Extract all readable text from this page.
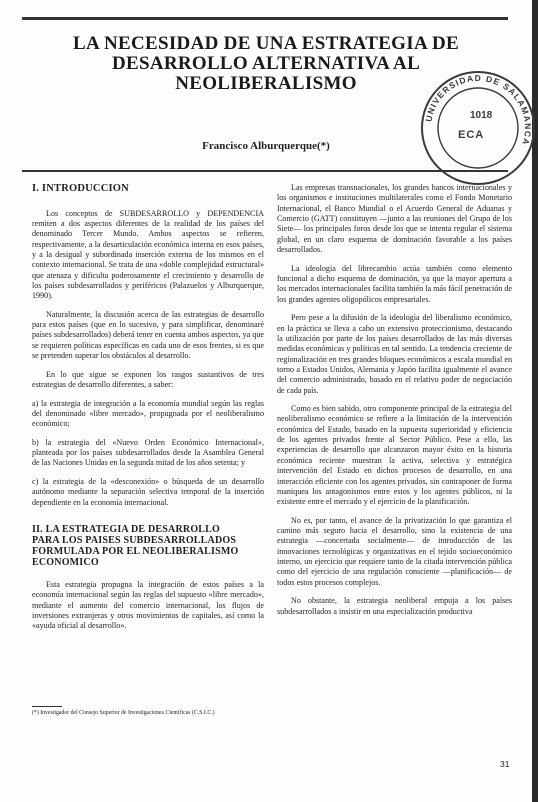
LA NECESIDAD DE UNA ESTRATEGIA DE
DESARROLLO ALTERNATIVA AL
NEOLIBERALISMO
Francisco Alburquerque(*)
UNIVERSIDAD DE SALAMANCA
1018
ECA
I. INTRODUCCION

Los conceptos de SUBDESARROLLO y DEPENDENCIA remiten a dos aspectos diferentes de la realidad de los países del denominado Tercer Mundo. Ambos aspectos se refieren, respectivamente, a la desarticulación económica interna en esos países, y a la desigual y subordinada inserción externa de los mismos en el contexto internacional. Se trata de una «doble complejidad estructural» que atenaza y dificulta poderosamente el crecimiento y desarrollo de los países subdesarrollados y periféricos (Palazuelos y Alburquerque, 1990).

Naturalmente, la discusión acerca de las estrategias de desarrollo para estos países (que en lo sucesivo, y para simplificar, denominaré países subdesarrollados) deberá tener en cuenta ambos aspectos, ya que se requieren políticas específicas en cada uno de esos frentes, si es que se pretenden superar los obstáculos al desarrollo.

En lo que sigue se exponen los rasgos sustantivos de tres estrategias de desarrollo diferentes, a saber:

a) la estrategia de integración a la economía mundial según las reglas del denominado «libre mercado», propugnada por el neoliberalismo económico;

b) la estrategia del «Nuevo Orden Económico Internacional», planteada por los países subdesarrollados desde la Asamblea General de las Naciones Unidas en la segunda mitad de los años setenta; y

c) la estrategia de la «desconexión» o búsqueda de un desarrollo autónomo mediante la separación selectiva temporal de la inserción dependiente en la economía internacional.

II. LA ESTRATEGIA DE DESARROLLO
PARA LOS PAISES SUBDESARROLLADOS
FORMULADA POR EL NEOLIBERALISMO
ECONOMICO

Esta estrategia propugna la integración de estos países a la economía internacional según las reglas del supuesto «libre mercado», mediante el aumento del comercio internacional, los flujos de inversiones extranjeras y otros movimientos de capitales, así como la «ayuda oficial al desarrollo».

Las empresas transnacionales, los grandes bancos internacionales y los organismos e instituciones multilaterales como el Fondo Monetario Internacional, el Banco Mundial o el Acuerdo General de Aduanas y Comercio (GATT) constituyen —junto a las reuniones del Grupo de los Siete— los principales foros desde los que se intenta regular el sistema global, en un claro esquema de dominación favorable a los países desarrollados.

La ideología del librecambio actúa también como elemento funcional a dicho esquema de dominación, ya que la mayor apertura a los mercados internacionales facilita también la más fácil penetración de los grandes agentes oligopólicos empresariales.

Pero pese a la difusión de la ideología del liberalismo económico, en la práctica se lleva a cabo un extensivo proteccionismo, destacando la utilización por parte de los países desarrollados de las más diversas medidas económicas y políticas en tal sentido. La tendencia creciente de regionalización en tres grandes bloques económicos a escala mundial en torno a Estados Unidos, Alemania y Japón facilita igualmente el avance del comercio administrado, basado en el relativo poder de negociación de cada país.

Como es bien sabido, otro componente principal de la estrategia del neoliberalismo económico se refiere a la limitación de la intervención económica del Estado, basado en la supuesta superioridad y eficiencia de los agentes privados frente al Sector Público. Pese a ello, las experiencias de desarrollo que alcanzaron mayor éxito en la historia económica reciente muestran la activa, selectiva y estratégica intervención del Estado en dichos procesos de desarrollo, en una interacción eficiente con los agentes privados, sin contraponer de forma maniquea los antagonismos entre estos y los agentes públicos, ni la existente entre el mercado y el ejercicio de la planificación.

No es, por tanto, el avance de la privatización lo que garantiza el camino más seguro hacia el desarrollo, sino la existencia de una estrategia —concertada socialmente— de introducción de las innovaciones tecnológicas y organizativas en el tejido socioeconómico interno, un ejercicio que requiere tanto de la citada intervención pública como del ejercicio de una regulación consciente —planificación— de todos estos procesos complejos.

No obstante, la estrategia neoliberal empuja a los países subdesarrollados a insistir en una especialización productiva

(*) Investigador del Consejo Superior de Investigaciones Científicas (C.S.I.C.)
31
